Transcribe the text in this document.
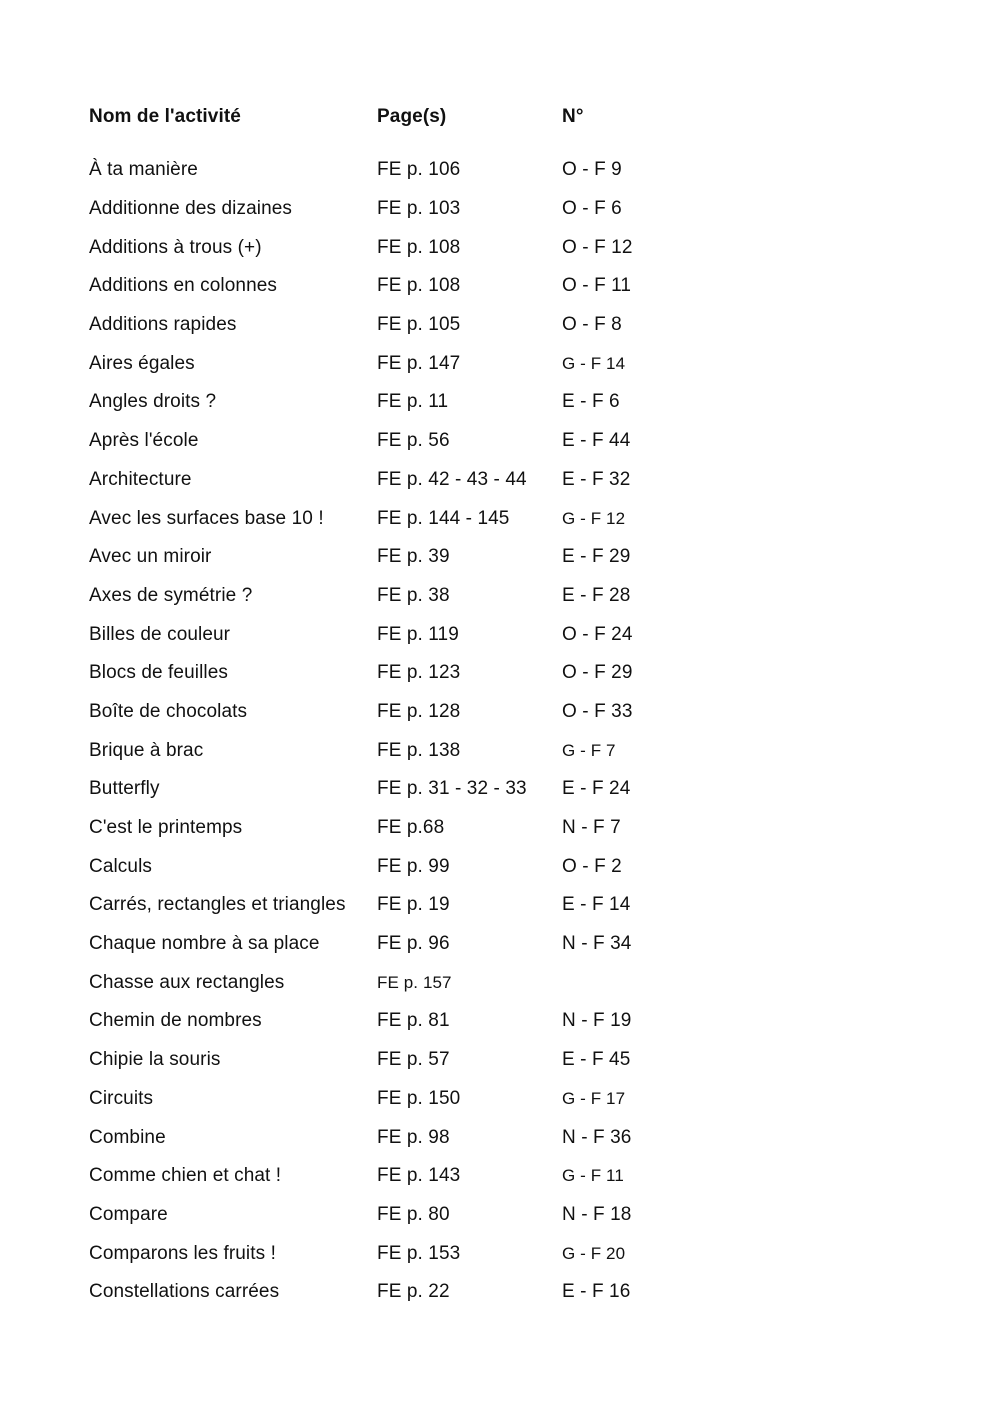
Nom de l'activité	Page(s)	N°
À ta manière	FE p. 106	O - F 9
Additionne des dizaines	FE p. 103	O - F 6
Additions à trous (+)	FE p. 108	O - F 12
Additions en colonnes	FE p. 108	O - F 11
Additions rapides	FE p. 105	O - F 8
Aires égales	FE p. 147	G - F 14
Angles droits ?	FE p. 11	E - F 6
Après l'école	FE p. 56	E - F 44
Architecture	FE p. 42 - 43 - 44	E - F 32
Avec les surfaces base 10 !	FE p. 144 - 145	G - F 12
Avec un miroir	FE p. 39	E - F 29
Axes de symétrie ?	FE p. 38	E - F 28
Billes de couleur	FE p. 119	O - F 24
Blocs de feuilles	FE p. 123	O - F 29
Boîte de chocolats	FE p. 128	O - F 33
Brique à brac	FE p. 138	G - F 7
Butterfly	FE p. 31 - 32 - 33	E - F 24
C'est le printemps	FE p.68	N - F 7
Calculs	FE p. 99	O - F 2
Carrés, rectangles et triangles	FE p. 19	E - F 14
Chaque nombre à sa place	FE p. 96	N - F 34
Chasse aux rectangles	FE p. 157
Chemin de nombres	FE p. 81	N - F 19
Chipie la souris	FE p. 57	E - F 45
Circuits	FE p. 150	G - F 17
Combine	FE p. 98	N - F 36
Comme chien et chat !	FE p. 143	G - F 11
Compare	FE p. 80	N - F 18
Comparons les fruits !	FE p. 153	G - F 20
Constellations carrées	FE p. 22	E - F 16
